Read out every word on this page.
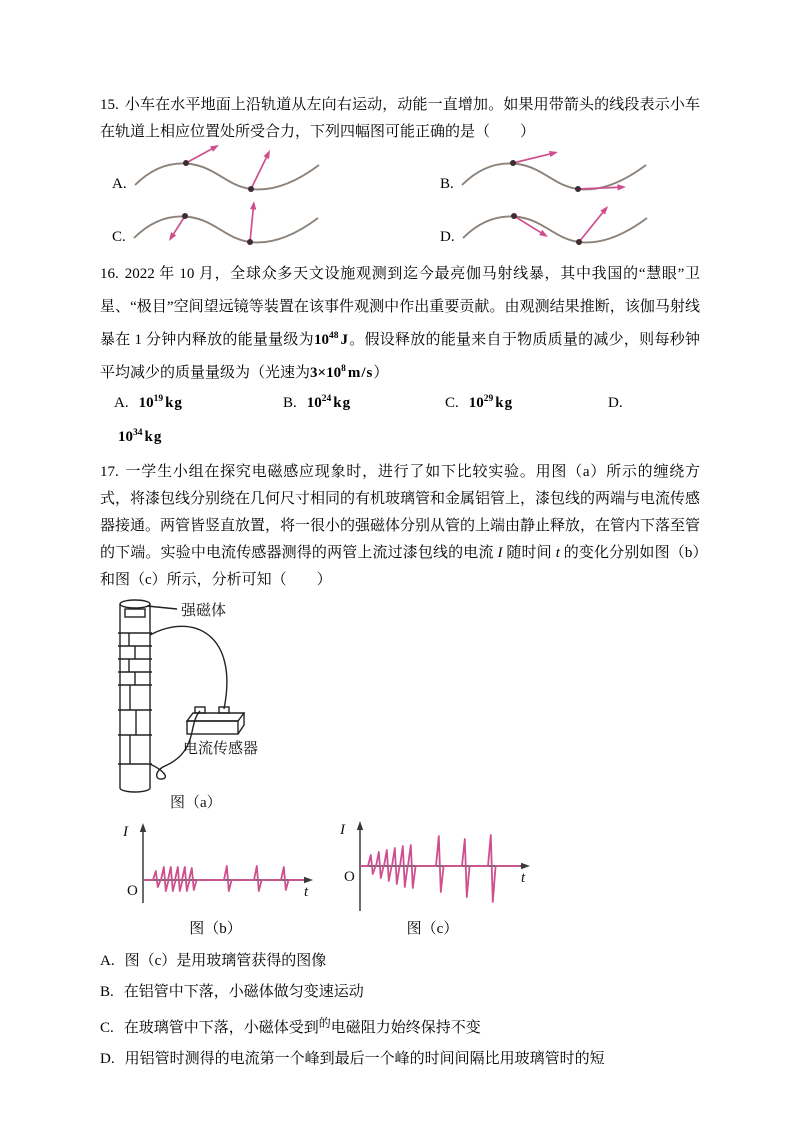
15. 小车在水平地面上沿轨道从左向右运动，动能一直增加。如果用带箭头的线段表示小车在轨道上相应位置处所受合力，下列四幅图可能正确的是（　　）

A.	B.
C.	D.

16. 2022 年 10 月，全球众多天文设施观测到迄今最亮伽马射线暴，其中我国的“慧眼”卫星、“极目”空间望远镜等装置在该事件观测中作出重要贡献。由观测结果推断，该伽马射线暴在 1 分钟内释放的能量量级为$10^{48}$ J。假设释放的能量来自于物质质量的减少，则每秒钟平均减少的质量量级为（光速为$3\times 10^8$ m/s）

A. $10^{19}$ kg	B. $10^{24}$ kg	C. $10^{29}$ kg	D.
$10^{34}$ kg

17. 一学生小组在探究电磁感应现象时，进行了如下比较实验。用图（a）所示的缠绕方式，将漆包线分别绕在几何尺寸相同的有机玻璃管和金属铝管上，漆包线的两端与电流传感器接通。两管皆竖直放置，将一很小的强磁体分别从管的上端由静止释放，在管内下落至管的下端。实验中电流传感器测得的两管上流过漆包线的电流 I 随时间 t 的变化分别如图（b）和图（c）所示，分析可知（　　）

强磁体
电流传感器
图（a）
I
O	t
图（b）
I
O	t
图（c）
A. 图（c）是用玻璃管获得的图像
B. 在铝管中下落，小磁体做匀变速运动
C. 在玻璃管中下落，小磁体受到$^的$电磁阻力始终保持不变
D. 用铝管时测得的电流第一个峰到最后一个峰的时间间隔比用玻璃管时的短
